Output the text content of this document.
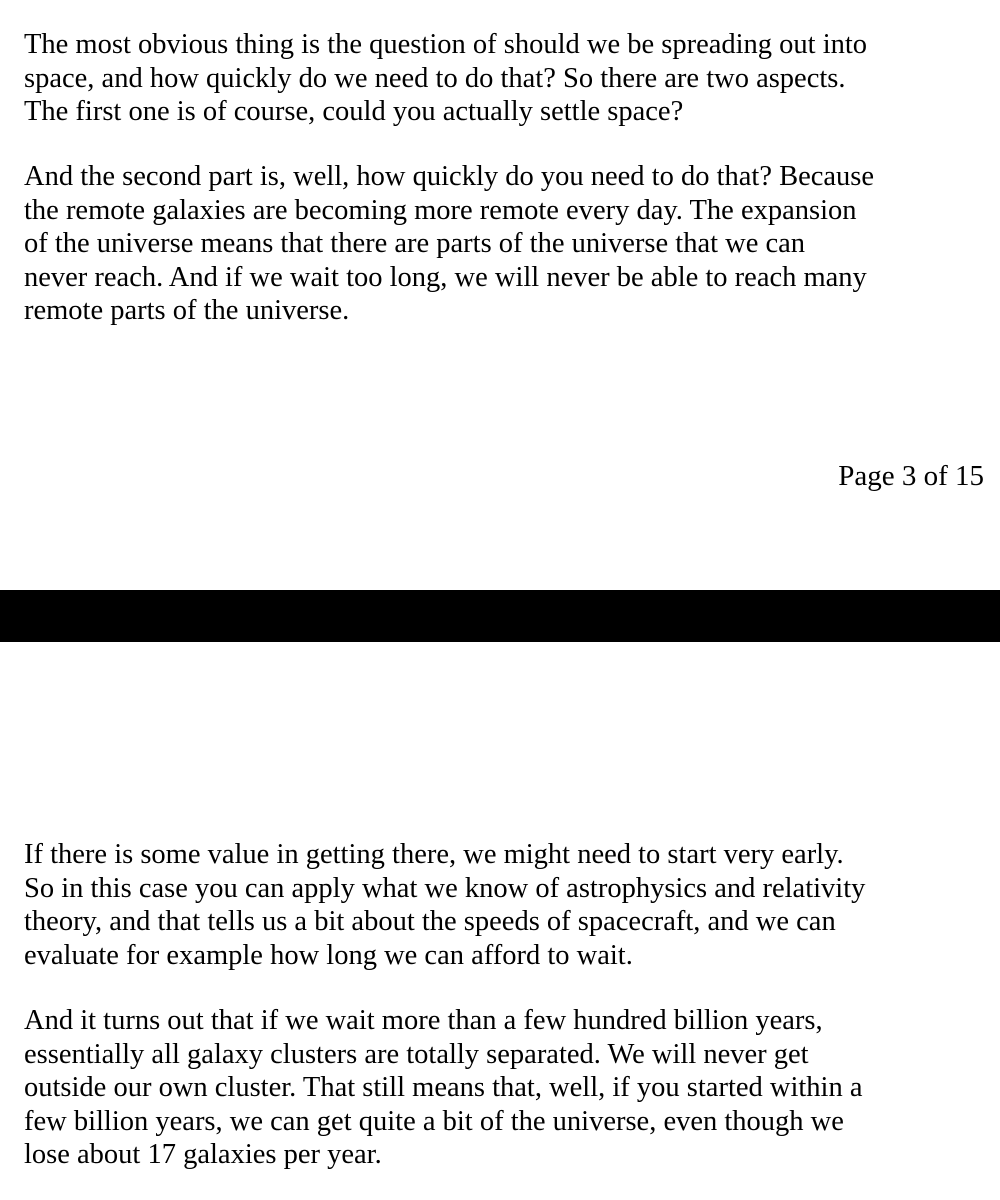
The most obvious thing is the question of should we be spreading out into
space, and how quickly do we need to do that? So there are two aspects.
The first one is of course, could you actually settle space?

And the second part is, well, how quickly do you need to do that? Because
the remote galaxies are becoming more remote every day. The expansion
of the universe means that there are parts of the universe that we can
never reach. And if we wait too long, we will never be able to reach many
remote parts of the universe.

Page 3 of 15

If there is some value in getting there, we might need to start very early.
So in this case you can apply what we know of astrophysics and relativity
theory, and that tells us a bit about the speeds of spacecraft, and we can
evaluate for example how long we can afford to wait.

And it turns out that if we wait more than a few hundred billion years,
essentially all galaxy clusters are totally separated. We will never get
outside our own cluster. That still means that, well, if you started within a
few billion years, we can get quite a bit of the universe, even though we
lose about 17 galaxies per year.
